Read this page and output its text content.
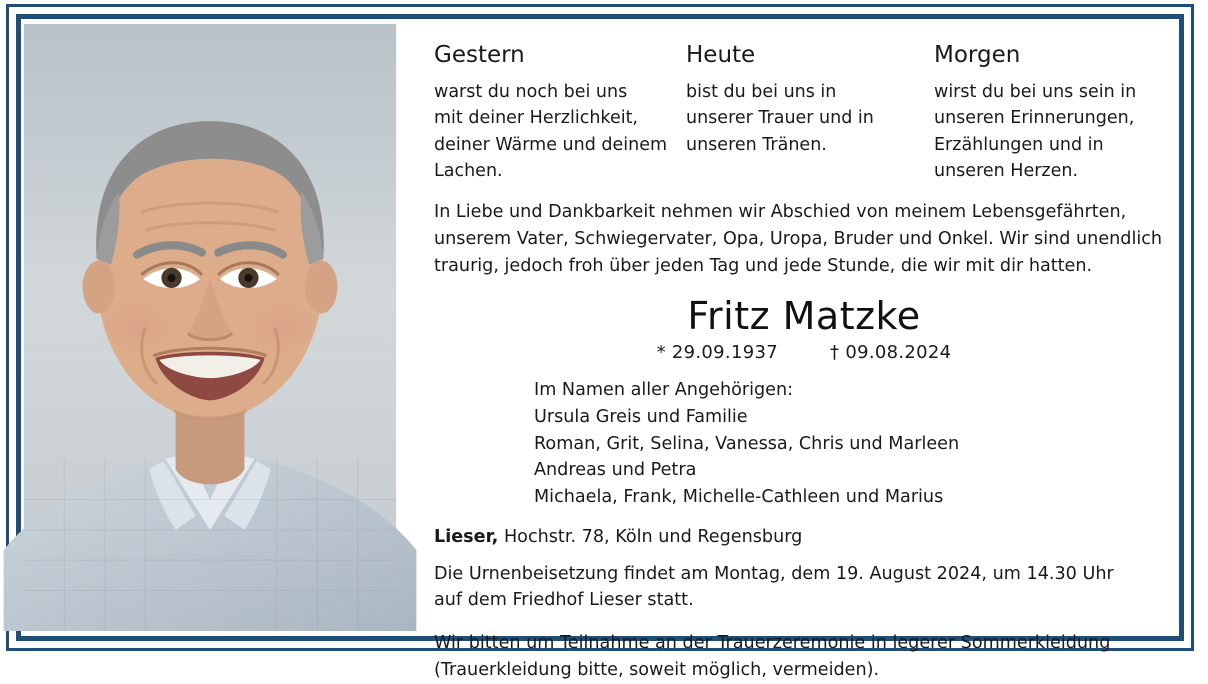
Gestern
warst du noch bei uns
mit deiner Herzlichkeit,
deiner Wärme und deinem
Lachen.
Heute
bist du bei uns in
unserer Trauer und in
unseren Tränen.
Morgen
wirst du bei uns sein in
unseren Erinnerungen,
Erzählungen und in
unseren Herzen.
In Liebe und Dankbarkeit nehmen wir Abschied von meinem Lebensgefährten,
unserem Vater, Schwiegervater, Opa, Uropa, Bruder und Onkel. Wir sind unendlich
traurig, jedoch froh über jeden Tag und jede Stunde, die wir mit dir hatten.
Fritz Matzke
* 29.09.1937	† 09.08.2024
Im Namen aller Angehörigen:
Ursula Greis und Familie
Roman, Grit, Selina, Vanessa, Chris und Marleen
Andreas und Petra
Michaela, Frank, Michelle-Cathleen und Marius
Lieser, Hochstr. 78, Köln und Regensburg
Die Urnenbeisetzung findet am Montag, dem 19. August 2024, um 14.30 Uhr
auf dem Friedhof Lieser statt.
Wir bitten um Teilnahme an der Trauerzeremonie in legerer Sommerkleidung
(Trauerkleidung bitte, soweit möglich, vermeiden).
